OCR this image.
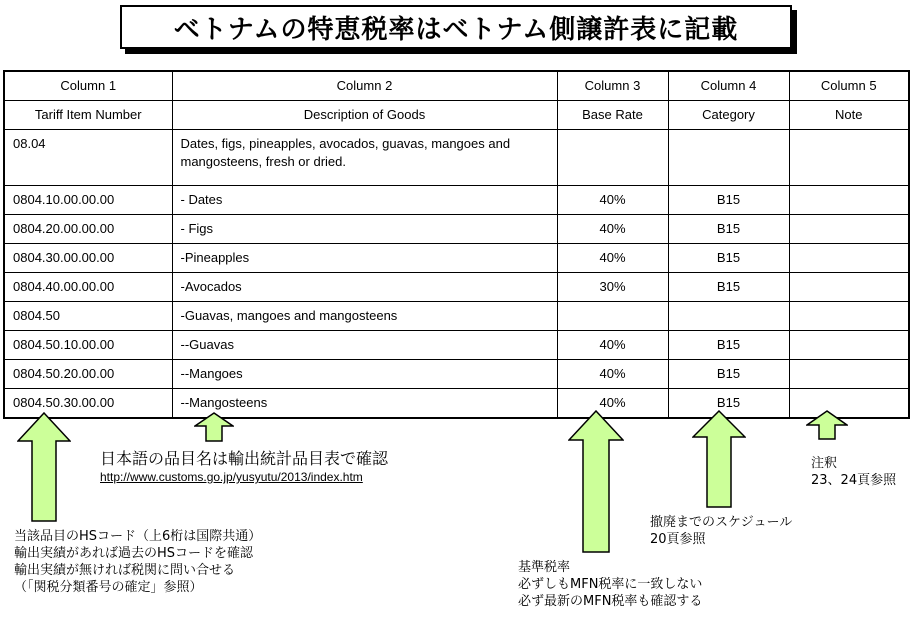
ベトナムの特恵税率はベトナム側譲許表に記載
Column 1	Column 2	Column 3	Column 4	Column 5
Tariff Item Number	Description of Goods	Base Rate	Category	Note
08.04	Dates, figs, pineapples, avocados, guavas, mangoes and mangosteens, fresh or dried.			
0804.10.00.00.00	- Dates	40%	B15	
0804.20.00.00.00	- Figs	40%	B15	
0804.30.00.00.00	-Pineapples	40%	B15	
0804.40.00.00.00	-Avocados	30%	B15	
0804.50	-Guavas, mangoes and mangosteens			
0804.50.10.00.00	--Guavas	40%	B15	
0804.50.20.00.00	--Mangoes	40%	B15	
0804.50.30.00.00	--Mangosteens	40%	B15	
当該品目のHSコード（上6桁は国際共通）
輸出実績があれば過去のHSコードを確認
輸出実績が無ければ税関に問い合せる
（「関税分類番号の確定」参照）
日本語の品目名は輸出統計品目表で確認
http://www.customs.go.jp/yusyutu/2013/index.htm
基準税率
必ずしもMFN税率に一致しない
必ず最新のMFN税率も確認する
撤廃までのスケジュール
20頁参照
注釈
23、24頁参照
